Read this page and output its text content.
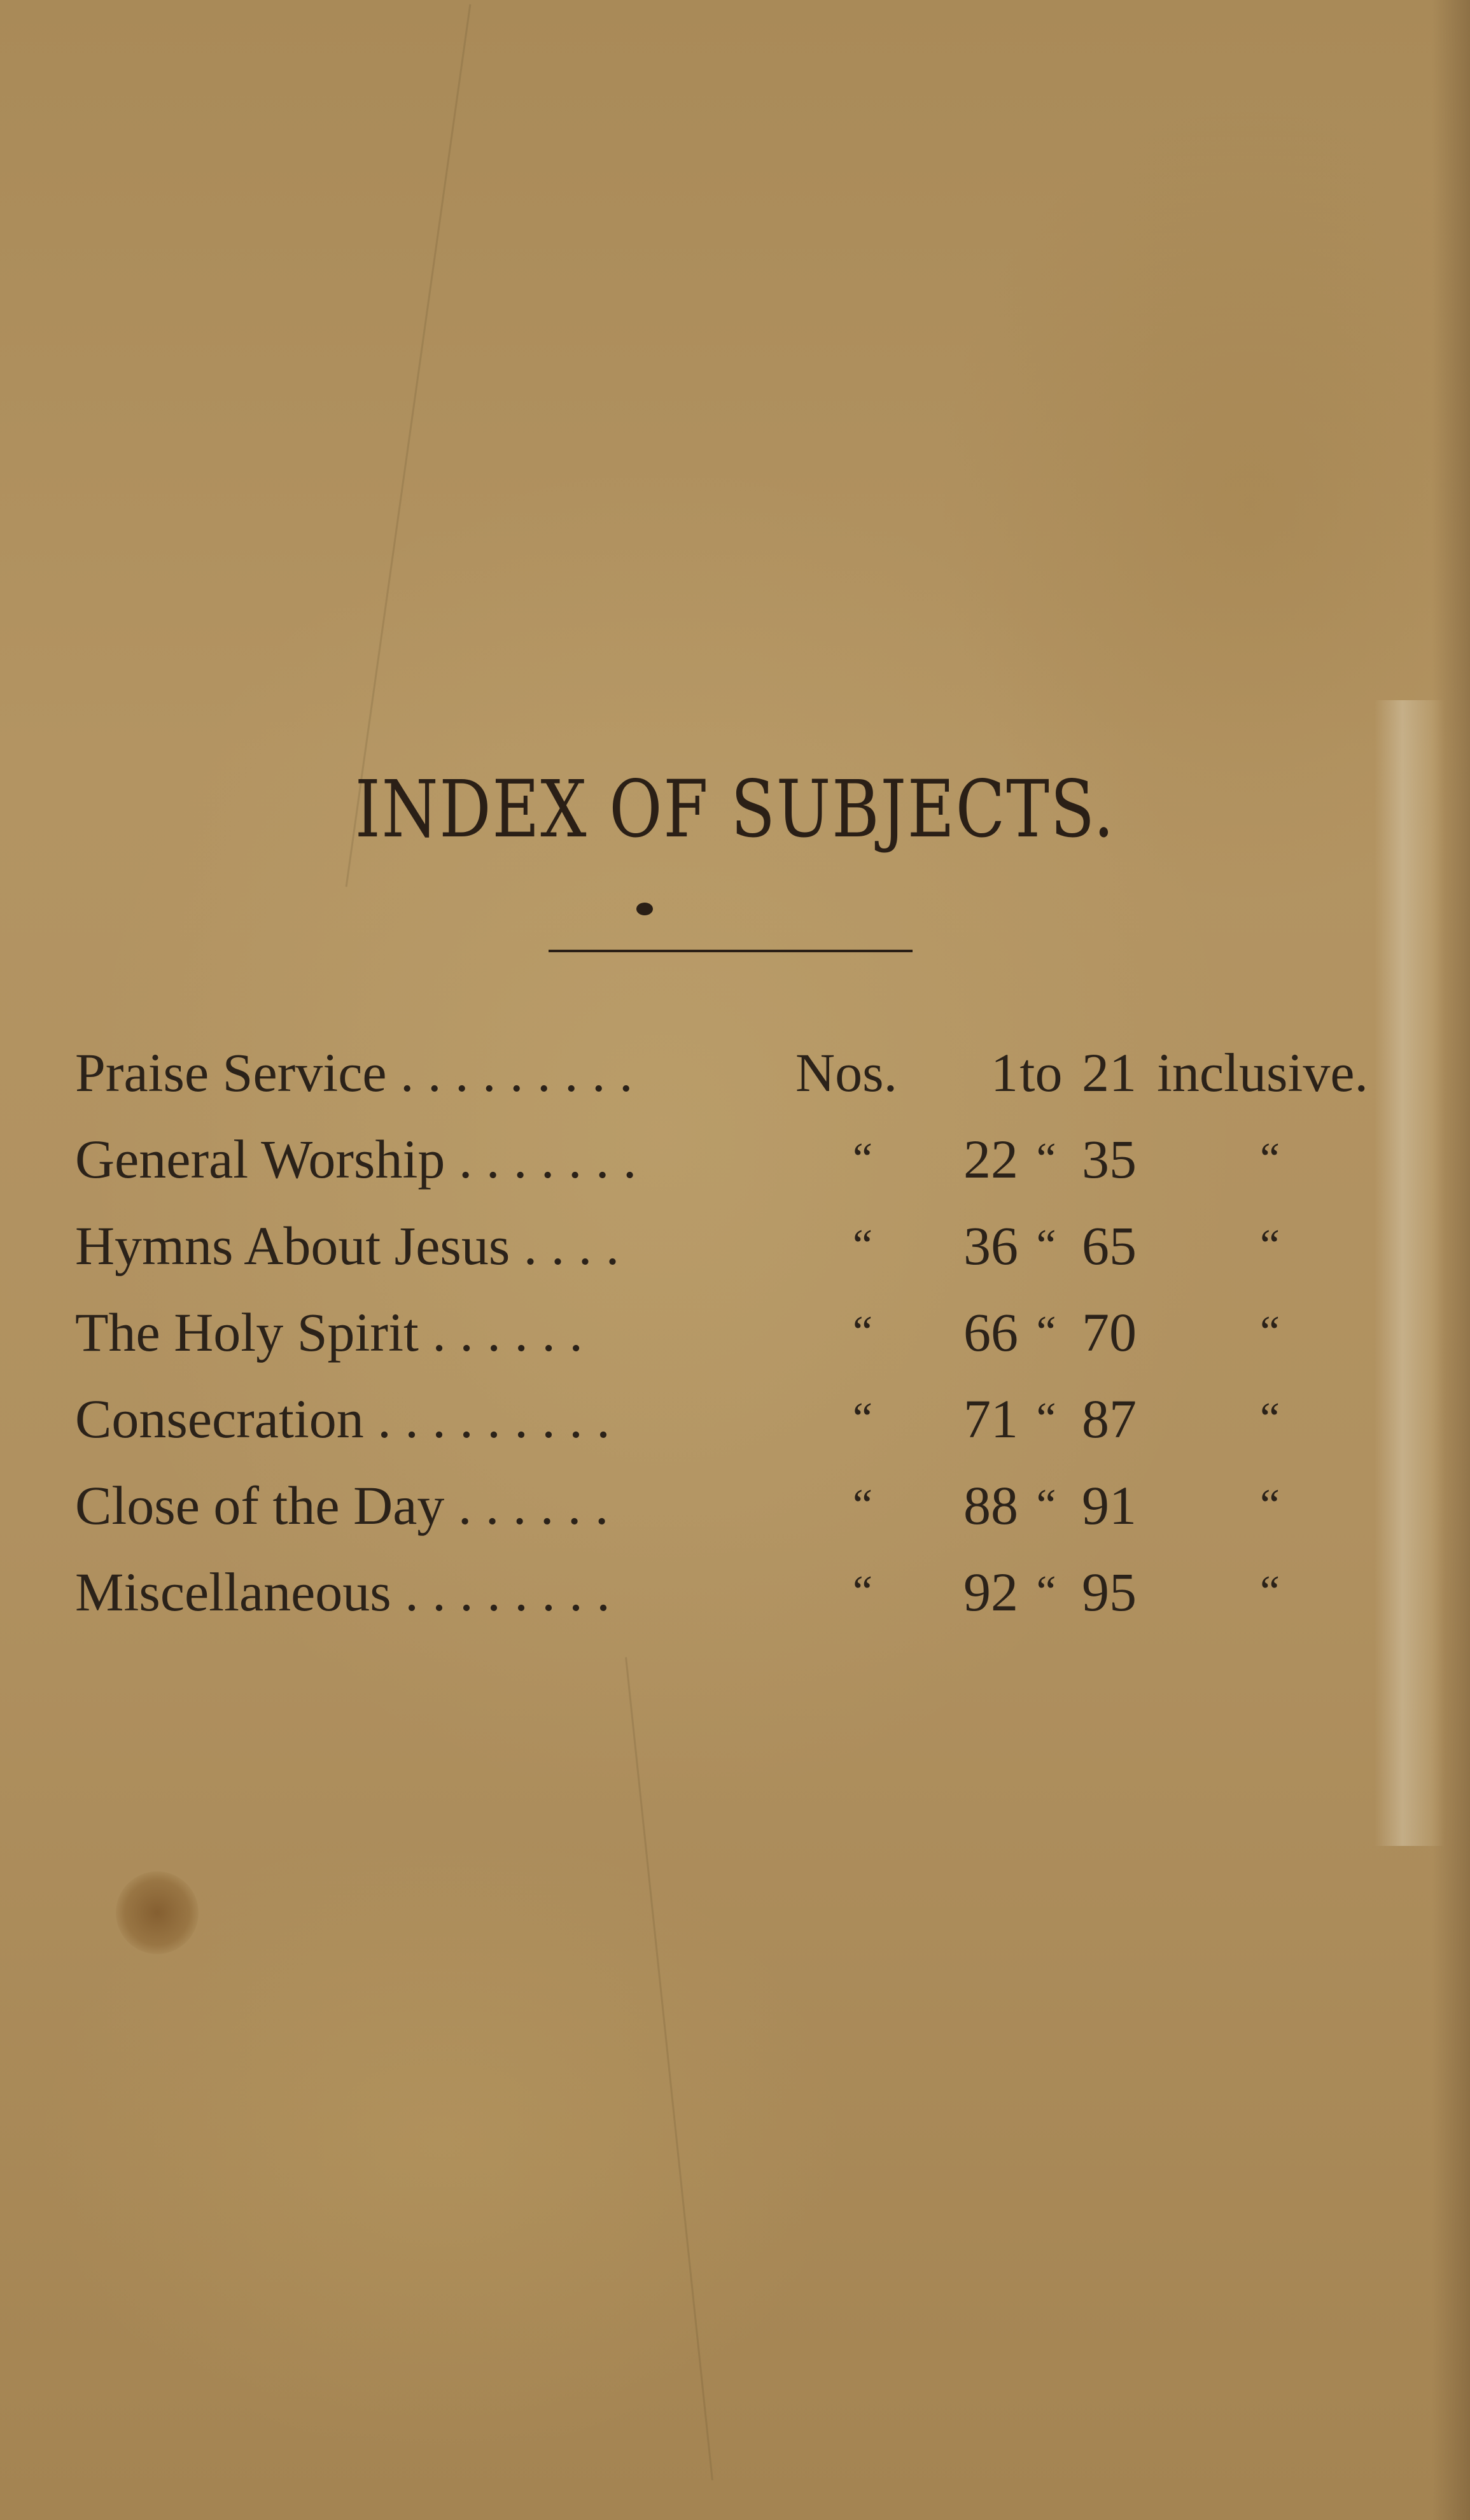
INDEX OF SUBJECTS.
Praise Service . . . . . . . . .	Nos.	1 to 21 inclusive.
General Worship . . . . . . .	“	22 “ 35	“
Hymns About Jesus . . . .	“	36 “ 65	“
The Holy Spirit . . . . . .	“	66 “ 70	“
Consecration . . . . . . . . .	“	71 “ 87	“
Close of the Day . . . . . .	“	88 “ 91	“
Miscellaneous . . . . . . . .	“	92 “ 95	“
